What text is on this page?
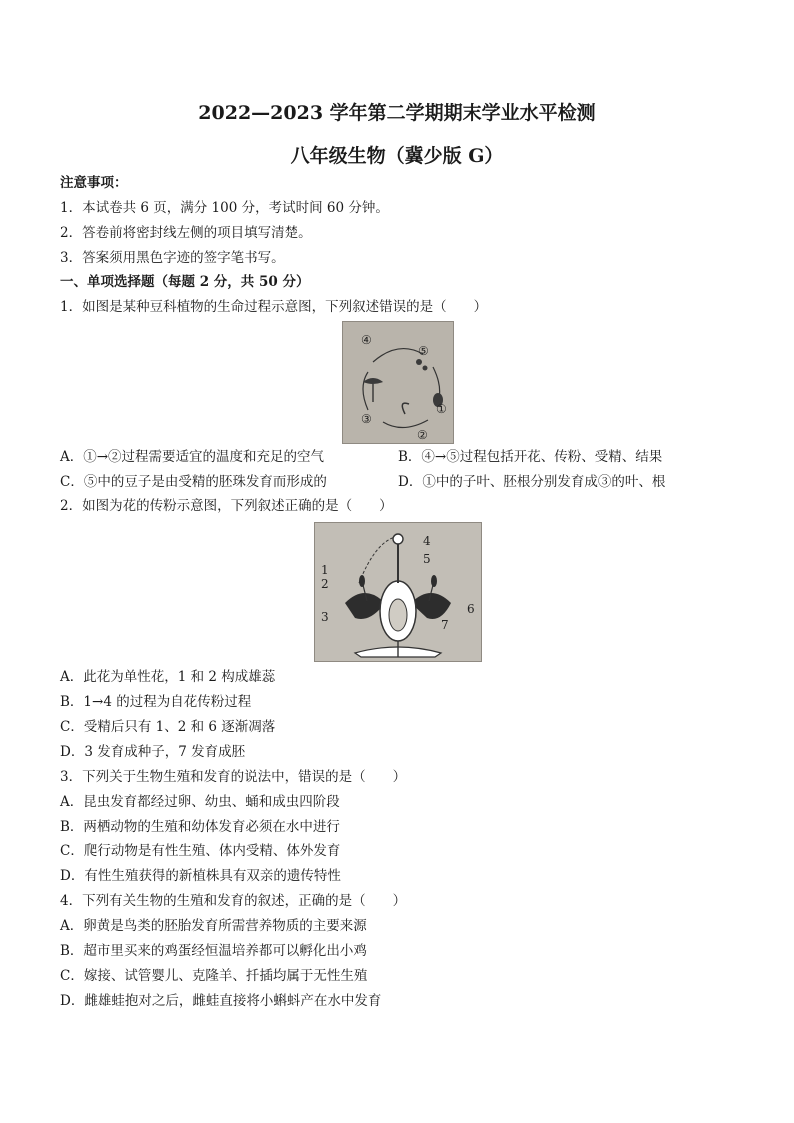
2022—2023 学年第二学期期末学业水平检测
八年级生物（冀少版 G）
注意事项：
1．本试卷共 6 页，满分 100 分，考试时间 60 分钟。
2．答卷前将密封线左侧的项目填写清楚。
3．答案须用黑色字迹的签字笔书写。
一、单项选择题（每题 2 分，共 50 分）
1．如图是某种豆科植物的生命过程示意图，下列叙述错误的是（　　）
④
⑤
①
②
③
A．①→②过程需要适宜的温度和充足的空气	B．④→⑤过程包括开花、传粉、受精、结果
C．⑤中的豆子是由受精的胚珠发育而形成的	D．①中的子叶、胚根分别发育成③的叶、根
2．如图为花的传粉示意图，下列叙述正确的是（　　）
1
2
3
4
5
6
7
A．此花为单性花，1 和 2 构成雄蕊
B．1→4 的过程为自花传粉过程
C．受精后只有 1、2 和 6 逐渐凋落
D．3 发育成种子，7 发育成胚
3．下列关于生物生殖和发育的说法中，错误的是（　　）
A．昆虫发育都经过卵、幼虫、蛹和成虫四阶段
B．两栖动物的生殖和幼体发育必须在水中进行
C．爬行动物是有性生殖、体内受精、体外发育
D．有性生殖获得的新植株具有双亲的遗传特性
4．下列有关生物的生殖和发育的叙述，正确的是（　　）
A．卵黄是鸟类的胚胎发育所需营养物质的主要来源
B．超市里买来的鸡蛋经恒温培养都可以孵化出小鸡
C．嫁接、试管婴儿、克隆羊、扦插均属于无性生殖
D．雌雄蛙抱对之后，雌蛙直接将小蝌蚪产在水中发育
